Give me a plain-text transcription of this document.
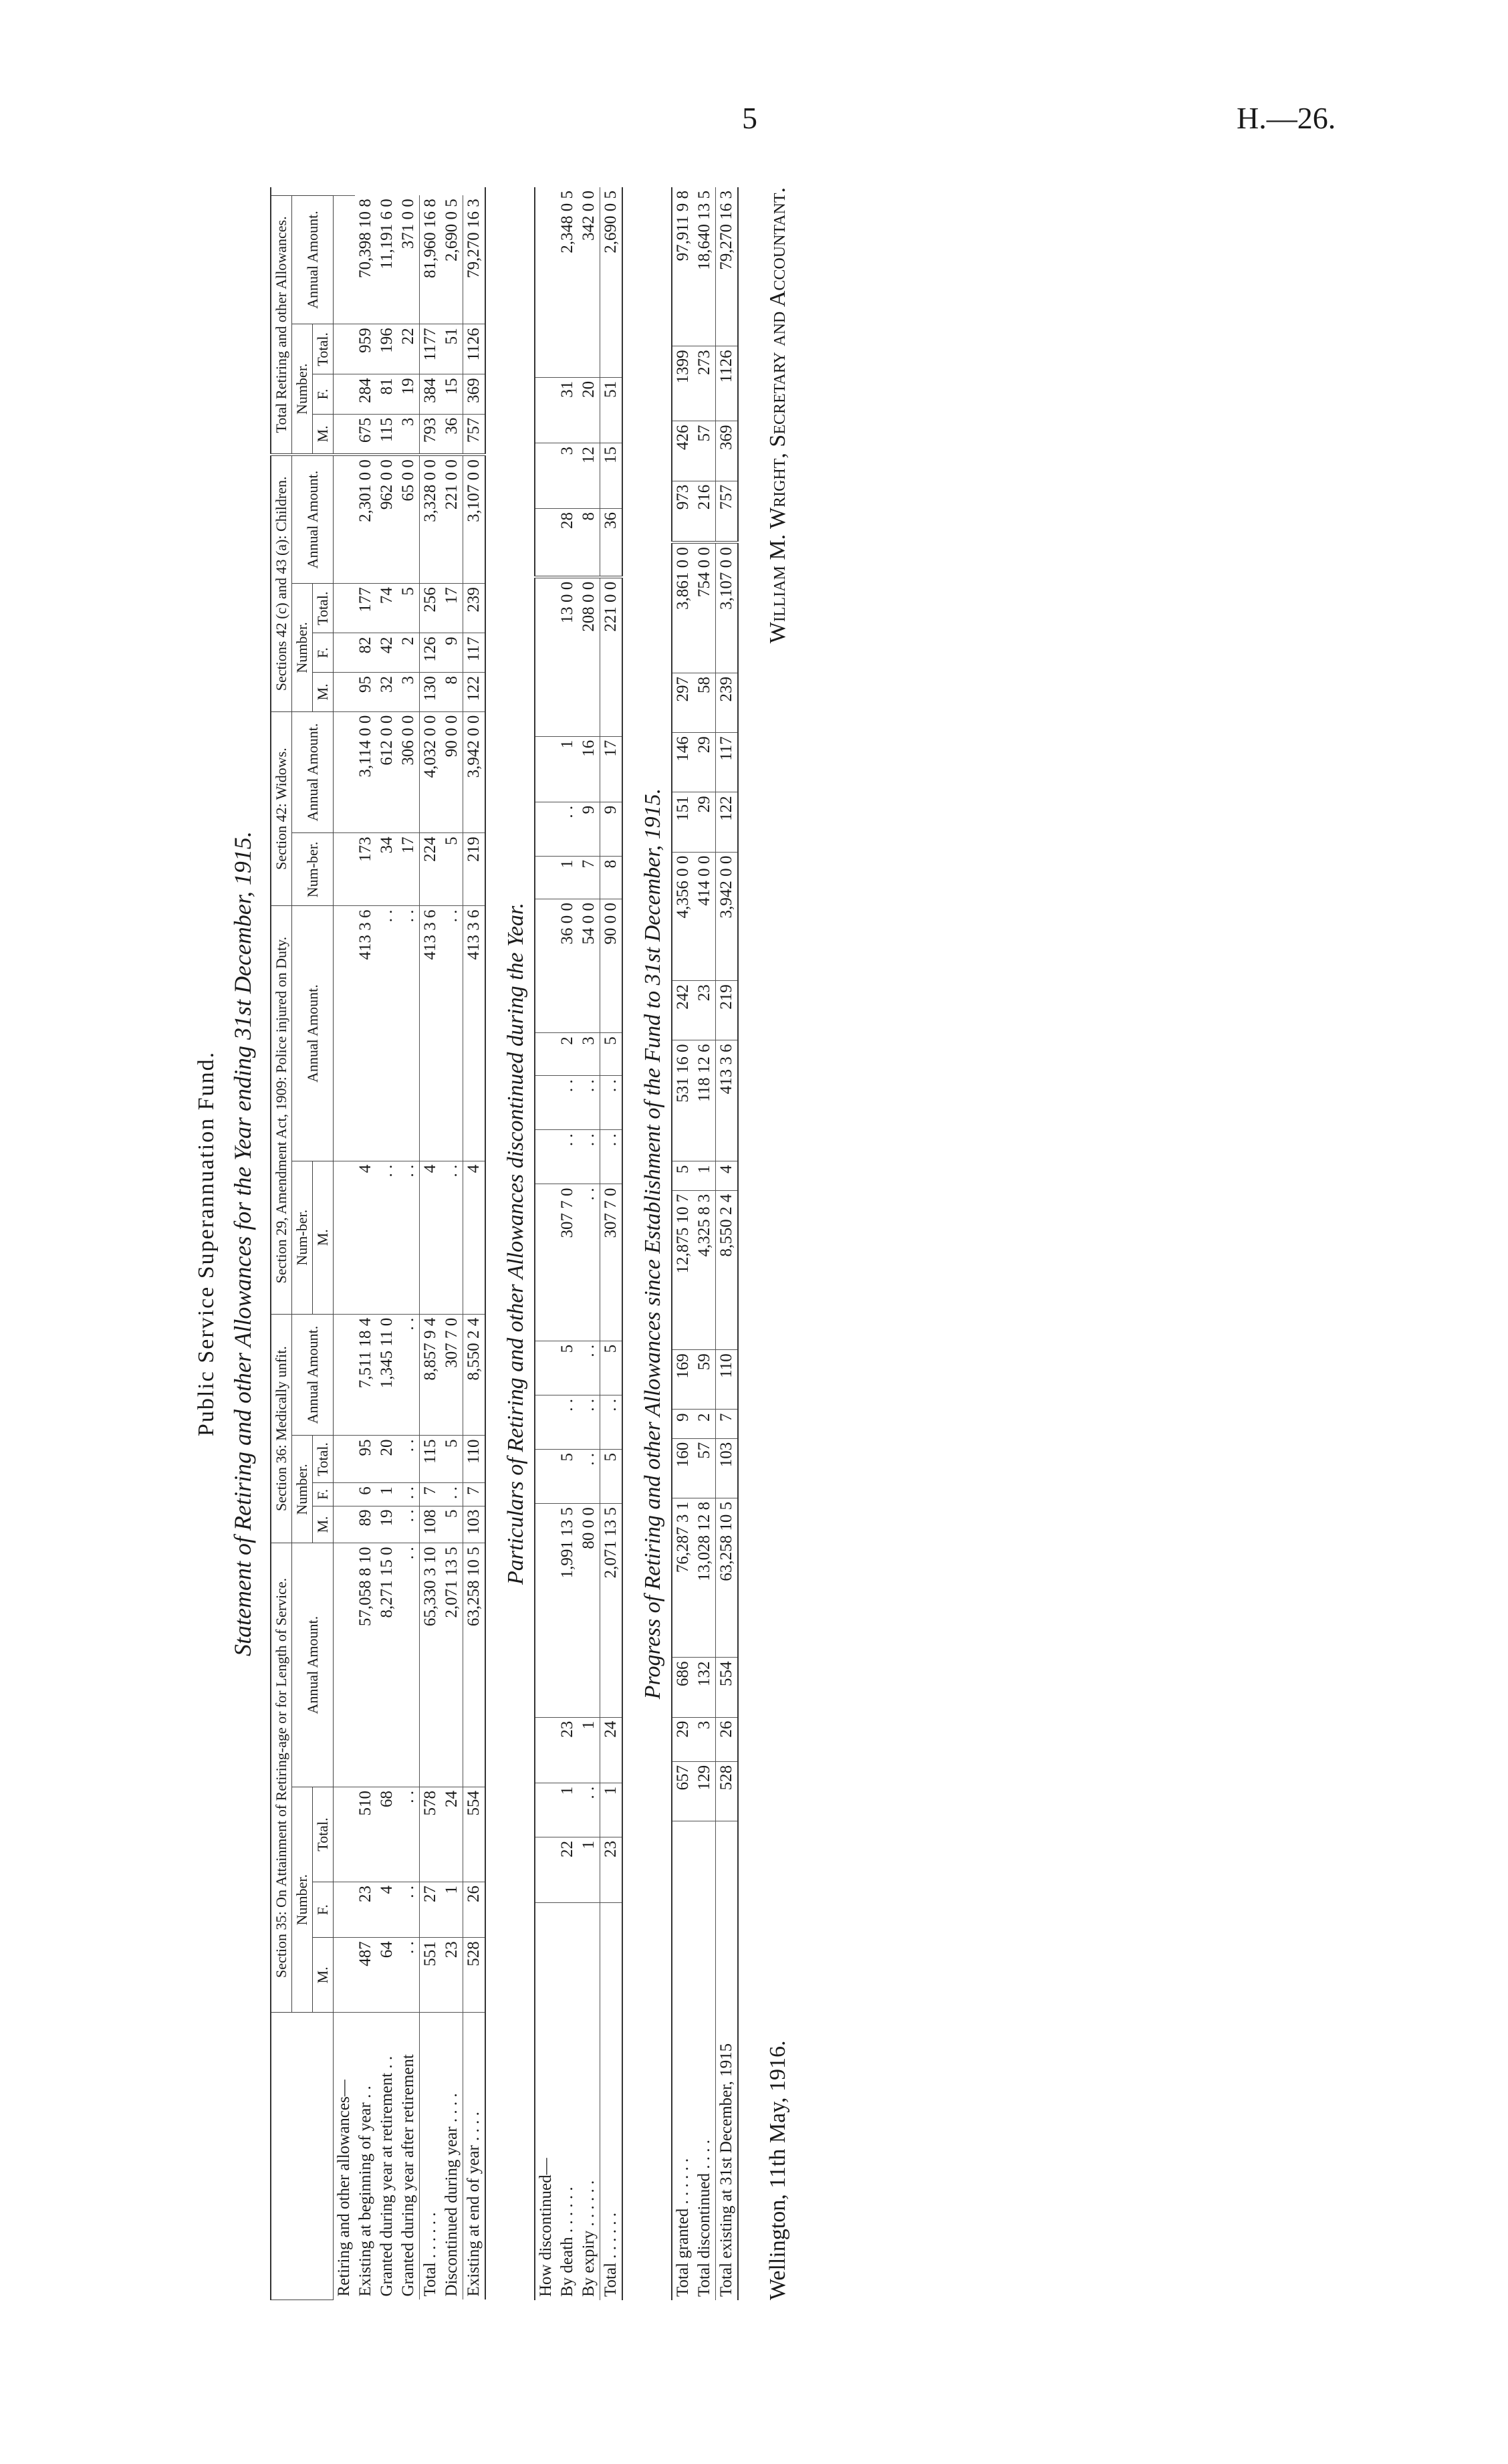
5	H.—26.

Public Service Superannuation Fund. Statement of Retiring and other Allowances for the Year ending 31st December, 1915.

	Section 35: On Attainment of Retiring-age or for Length of Service.				Section 36: Medically unfit.				Section 29, Amendment Act, 1909: Police injured on Duty.		Section 42: Widows.		Sections 42 (c) and 43 (a): Children.				Total Retiring and other Allowances.				
	Number.			Annual Amount.	Number.			Annual Amount.	Num-ber.	Annual Amount.	Num-ber.	Annual Amount.	Number.			Annual Amount.	Number.			Annual Amount.	
	M.	F.	Total.		M.	F.	Total.		M.				M.	F.	Total.		M.	F.	Total.		
Retiring and other allowances—																					
Existing at beginning of year . .	487	23	510	57,058 8 10	89	6	95	7,511 18 4	4	413 3 6	173	3,114 0 0	95	82	177	2,301 0 0	675	284	959	70,398 10 8	
Granted during year at retirement . .	64	4	68	8,271 15 0	19	1	20	1,345 11 0	. .	. .	34	612 0 0	32	42	74	962 0 0	115	81	196	11,191 6 0	
Granted during year after retirement	. .	. .	. .	. .	. .	. .	. .	. .	. .	. .	17	306 0 0	3	2	5	65 0 0	3	19	22	371 0 0	
Total . . . . . .	551	27	578	65,330 3 10	108	7	115	8,857 9 4	4	413 3 6	224	4,032 0 0	130	126	256	3,328 0 0	793	384	1177	81,960 16 8	
Discontinued during year . . . .	23	1	24	2,071 13 5	5	. .	5	307 7 0	. .	. .	5	90 0 0	8	9	17	221 0 0	36	15	51	2,690 0 5	
Existing at end of year . . . .	528	26	554	63,258 10 5	103	7	110	8,550 2 4	4	413 3 6	219	3,942 0 0	122	117	239	3,107 0 0	757	369	1126	79,270 16 3	

Particulars of Retiring and other Allowances discontinued during the Year.

How discontinued—																				
By death . . . . . .	22	1	23	1,991 13 5	5	. .	5	307 7 0	. .	. .	2	36 0 0	1	. .	1	13 0 0	28	3	31	2,348 0 5
By expiry . . . . . .	1	. .	1	80 0 0	. .	. .	. .	. .	. .	. .	3	54 0 0	7	9	16	208 0 0	8	12	20	342 0 0
Total . . . . . .	23	1	24	2,071 13 5	5	. .	5	307 7 0	. .	. .	5	90 0 0	8	9	17	221 0 0	36	15	51	2,690 0 5

Progress of Retiring and other Allowances since Establishment of the Fund to 31st December, 1915.

Total granted . . . . . .	657	29	686	76,287 3 1	160	9	169	12,875 10 7	5	531 16 0	242	4,356 0 0	151	146	297	3,861 0 0	973	426	1399	97,911 9 8
Total discontinued . . . .	129	3	132	13,028 12 8	57	2	59	4,325 8 3	1	118 12 6	23	414 0 0	29	29	58	754 0 0	216	57	273	18,640 13 5
Total existing at 31st December, 1915	528	26	554	63,258 10 5	103	7	110	8,550 2 4	4	413 3 6	219	3,942 0 0	122	117	239	3,107 0 0	757	369	1126	79,270 16 3
Wellington, 11th May, 1916.
William M. Wright, Secretary and Accountant.
